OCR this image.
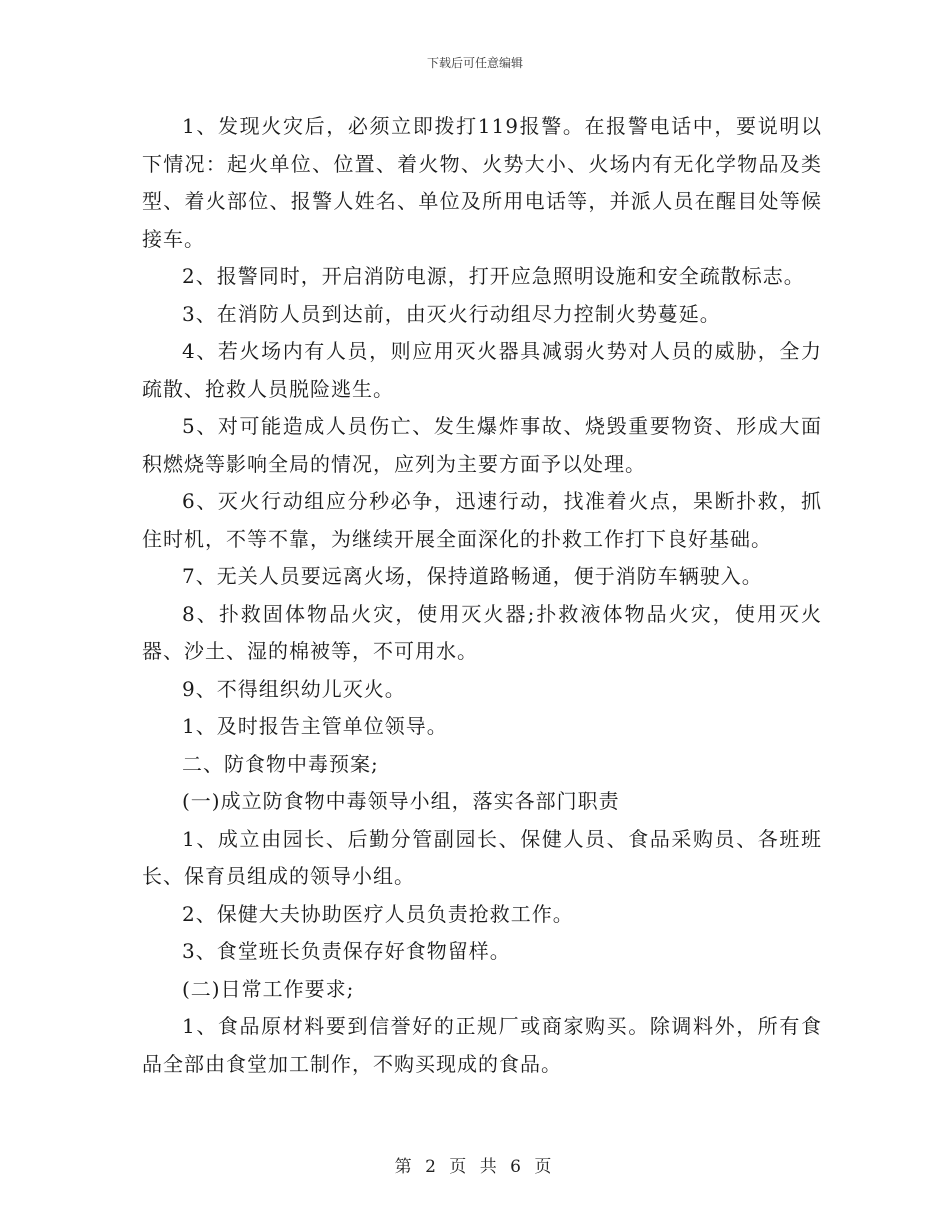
下载后可任意编辑

1、发现火灾后，必须立即拨打119报警。在报警电话中，要说明以下情况：起火单位、位置、着火物、火势大小、火场内有无化学物品及类型、着火部位、报警人姓名、单位及所用电话等，并派人员在醒目处等候接车。

2、报警同时，开启消防电源，打开应急照明设施和安全疏散标志。

3、在消防人员到达前，由灭火行动组尽力控制火势蔓延。

4、若火场内有人员，则应用灭火器具减弱火势对人员的威胁，全力疏散、抢救人员脱险逃生。

5、对可能造成人员伤亡、发生爆炸事故、烧毁重要物资、形成大面积燃烧等影响全局的情况，应列为主要方面予以处理。

6、灭火行动组应分秒必争，迅速行动，找准着火点，果断扑救，抓住时机，不等不靠，为继续开展全面深化的扑救工作打下良好基础。

7、无关人员要远离火场，保持道路畅通，便于消防车辆驶入。

8、扑救固体物品火灾，使用灭火器;扑救液体物品火灾，使用灭火器、沙土、湿的棉被等，不可用水。

9、不得组织幼儿灭火。

1、及时报告主管单位领导。

二、防食物中毒预案;

(一)成立防食物中毒领导小组，落实各部门职责

1、成立由园长、后勤分管副园长、保健人员、食品采购员、各班班长、保育员组成的领导小组。

2、保健大夫协助医疗人员负责抢救工作。

3、食堂班长负责保存好食物留样。

(二)日常工作要求;

1、食品原材料要到信誉好的正规厂或商家购买。除调料外，所有食品全部由食堂加工制作，不购买现成的食品。

第 2 页 共 6 页
